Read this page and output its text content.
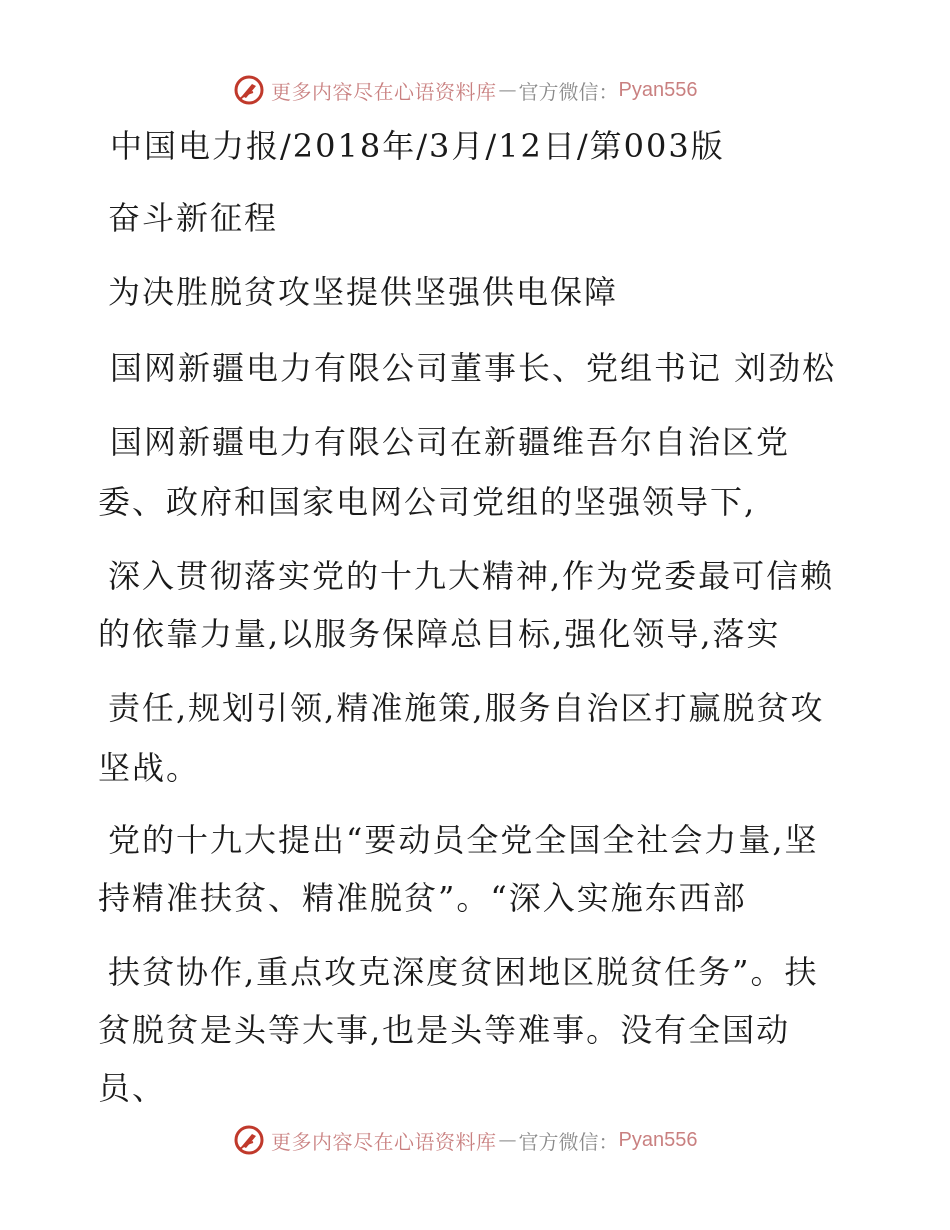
更多内容尽在心语资料库 — 官方微信： Pyan556
中国电力报/2018年/3月/12日/第003版
奋斗新征程
为决胜脱贫攻坚提供坚强供电保障
国网新疆电力有限公司董事长、党组书记 刘劲松
国网新疆电力有限公司在新疆维吾尔自治区党
委、政府和国家电网公司党组的坚强领导下,
深入贯彻落实党的十九大精神,作为党委最可信赖
的依靠力量,以服务保障总目标,强化领导,落实
责任,规划引领,精准施策,服务自治区打赢脱贫攻
坚战。
党的十九大提出“要动员全党全国全社会力量,坚
持精准扶贫、精准脱贫”。“深入实施东西部
扶贫协作,重点攻克深度贫困地区脱贫任务”。扶
贫脱贫是头等大事,也是头等难事。没有全国动
员、
更多内容尽在心语资料库 — 官方微信： Pyan556
